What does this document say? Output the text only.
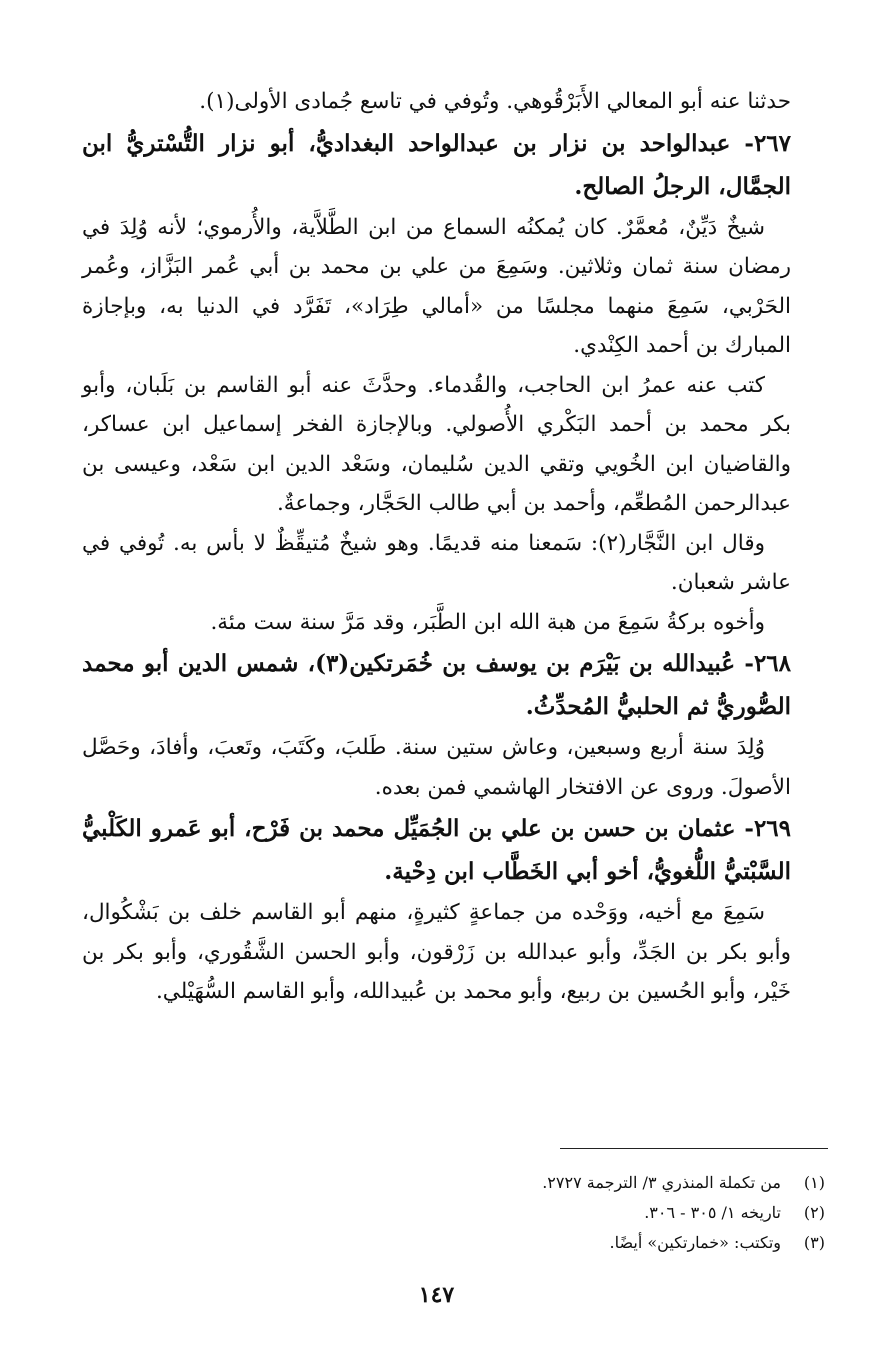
حدثنا عنه أبو المعالي الأَبَرْقُوهي. وتُوفي في تاسع جُمادى الأولى(١).

٢٦٧- عبدالواحد بن نزار بن عبدالواحد البغداديُّ، أبو نزار التُّسْتريُّ ابن الجمَّال، الرجلُ الصالح.

شيخٌ دَيِّنٌ، مُعمَّرٌ. كان يُمكنُه السماع من ابن الطَّلاَّية، والأُرموي؛ لأنه وُلِدَ في رمضان سنة ثمان وثلاثين. وسَمِعَ من علي بن محمد بن أبي عُمر البَزَّاز، وعُمر الحَرْبي، سَمِعَ منهما مجلسًا من «أمالي طِرَاد»، تَفَرَّد في الدنيا به، وبإجازة المبارك بن أحمد الكِنْدي.

كتب عنه عمرُ ابن الحاجب، والقُدماء. وحدَّثَ عنه أبو القاسم بن بَلَبان، وأبو بكر محمد بن أحمد البَكْري الأُصولي. وبالإجازة الفخر إسماعيل ابن عساكر، والقاضيان ابن الخُويي وتقي الدين سُليمان، وسَعْد الدين ابن سَعْد، وعيسى بن عبدالرحمن المُطعِّم، وأحمد بن أبي طالب الحَجَّار، وجماعةٌ.

وقال ابن النَّجَّار(٢): سَمعنا منه قديمًا. وهو شيخٌ مُتيقِّظٌ لا بأس به. تُوفي في عاشر شعبان.

وأخوه بركةُ سَمِعَ من هبة الله ابن الطَّبَر، وقد مَرَّ سنة ست مئة.

٢٦٨- عُبيدالله بن بَيْرَم بن يوسف بن خُمَرتكين(٣)، شمس الدين أبو محمد الصُّوريُّ ثم الحلبيُّ المُحدِّثُ.

وُلِدَ سنة أربع وسبعين، وعاش ستين سنة. طَلبَ، وكَتَبَ، وتَعبَ، وأفادَ، وحَصَّل الأصولَ. وروى عن الافتخار الهاشمي فمن بعده.

٢٦٩- عثمان بن حسن بن علي بن الجُمَيِّل محمد بن فَرْح، أبو عَمرو الكَلْبيُّ السَّبْتيُّ اللُّغويُّ، أخو أبي الخَطَّاب ابن دِحْية.

سَمِعَ مع أخيه، ووَحْده من جماعةٍ كثيرةٍ، منهم أبو القاسم خلف بن بَشْكُوال، وأبو بكر بن الجَدِّ، وأبو عبدالله بن زَرْقون، وأبو الحسن الشَّقُوري، وأبو بكر بن خَيْر، وأبو الحُسين بن ربيع، وأبو محمد بن عُبيدالله، وأبو القاسم السُّهَيْلي.

(١)
من تكملة المنذري ٣/ الترجمة ٢٧٢٧.
(٢)
تاريخه ١/ ٣٠٥ - ٣٠٦.
(٣)
وتكتب: «خمارتكين» أيضًا.
١٤٧
